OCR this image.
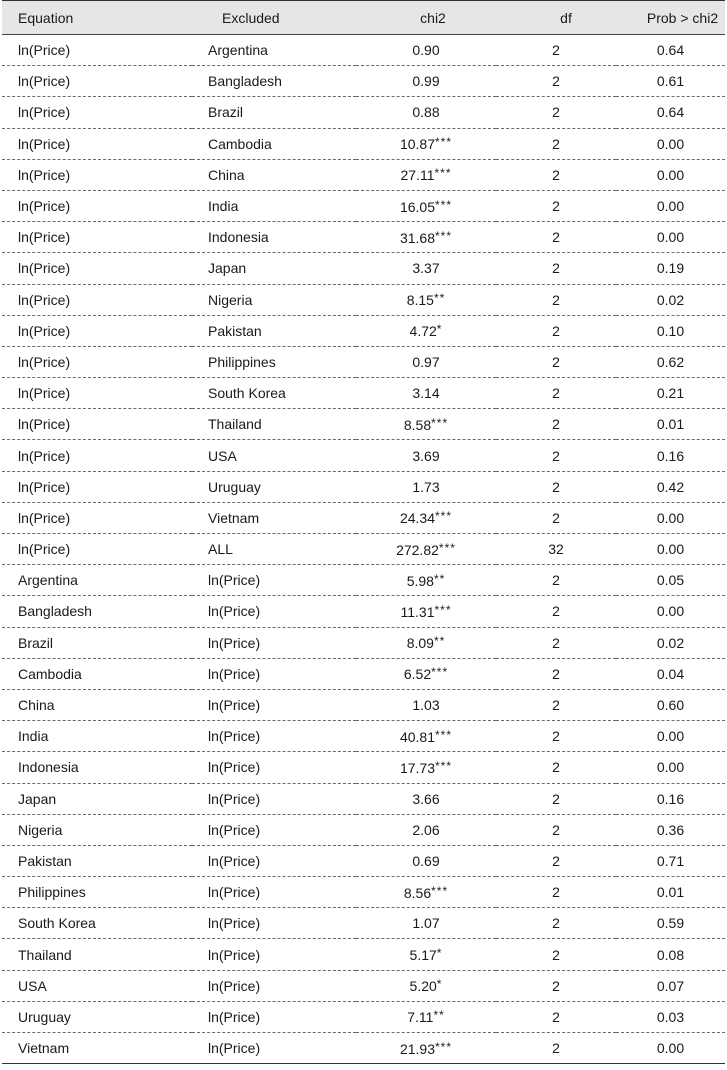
Equation	Excluded	chi2	df	Prob > chi2
ln(Price)	Argentina	0.90	2	0.64
ln(Price)	Bangladesh	0.99	2	0.61
ln(Price)	Brazil	0.88	2	0.64
ln(Price)	Cambodia	10.87***	2	0.00
ln(Price)	China	27.11***	2	0.00
ln(Price)	India	16.05***	2	0.00
ln(Price)	Indonesia	31.68***	2	0.00
ln(Price)	Japan	3.37	2	0.19
ln(Price)	Nigeria	8.15**	2	0.02
ln(Price)	Pakistan	4.72*	2	0.10
ln(Price)	Philippines	0.97	2	0.62
ln(Price)	South Korea	3.14	2	0.21
ln(Price)	Thailand	8.58***	2	0.01
ln(Price)	USA	3.69	2	0.16
ln(Price)	Uruguay	1.73	2	0.42
ln(Price)	Vietnam	24.34***	2	0.00
ln(Price)	ALL	272.82***	32	0.00
Argentina	ln(Price)	5.98**	2	0.05
Bangladesh	ln(Price)	11.31***	2	0.00
Brazil	ln(Price)	8.09**	2	0.02
Cambodia	ln(Price)	6.52***	2	0.04
China	ln(Price)	1.03	2	0.60
India	ln(Price)	40.81***	2	0.00
Indonesia	ln(Price)	17.73***	2	0.00
Japan	ln(Price)	3.66	2	0.16
Nigeria	ln(Price)	2.06	2	0.36
Pakistan	ln(Price)	0.69	2	0.71
Philippines	ln(Price)	8.56***	2	0.01
South Korea	ln(Price)	1.07	2	0.59
Thailand	ln(Price)	5.17*	2	0.08
USA	ln(Price)	5.20*	2	0.07
Uruguay	ln(Price)	7.11**	2	0.03
Vietnam	ln(Price)	21.93***	2	0.00
